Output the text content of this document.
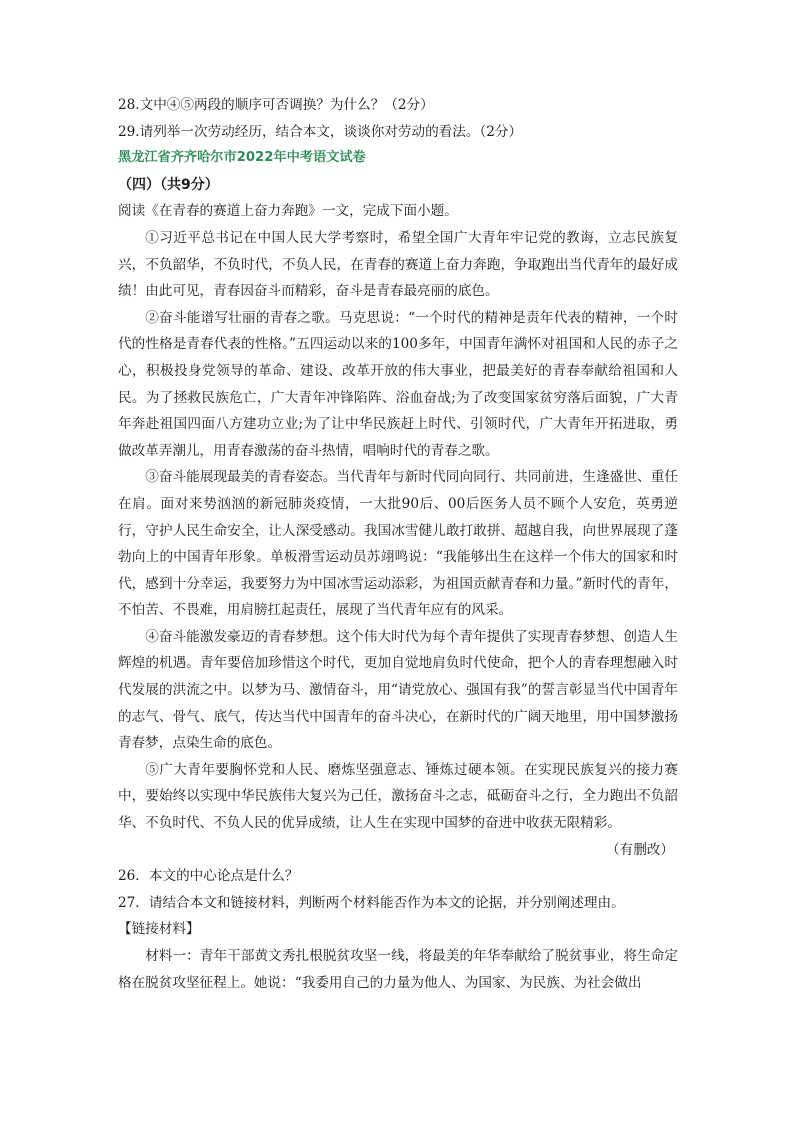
28.文中④⑤两段的顺序可否调换？为什么？（2分）

29.请列举一次劳动经历，结合本文，谈谈你对劳动的看法。（2分）

黑龙江省齐齐哈尔市2022年中考语文试卷

（四）（共9分）

阅读《在青春的赛道上奋力奔跑》一文，完成下面小题。

①习近平总书记在中国人民大学考察时，希望全国广大青年牢记党的教诲，立志民族复兴，不负韶华，不负时代，不负人民，在青春的赛道上奋力奔跑，争取跑出当代青年的最好成绩！由此可见，青春因奋斗而精彩，奋斗是青春最亮丽的底色。

②奋斗能谱写壮丽的青春之歌。马克思说：“一个时代的精神是责年代表的精神，一个时代的性格是青春代表的性格。”五四运动以来的100多年，中国青年满怀对祖国和人民的赤子之心，积极投身党领导的革命、建设、改革开放的伟大事业，把最美好的青春奉献给祖国和人民。为了拯救民族危亡，广大青年冲锋陷阵、浴血奋战;为了改变国家贫穷落后面貌，广大青年奔赴祖国四面八方建功立业;为了让中华民族赶上时代、引领时代，广大青年开拓进取，勇做改革弄潮儿，用青春激荡的奋斗热情，唱响时代的青春之歌。

③奋斗能展现最美的青春姿态。当代青年与新时代同向同行、共同前进，生逢盛世、重任在肩。面对来势汹汹的新冠肺炎疫情，一大批90后、00后医务人员不顾个人安危，英勇逆行，守护人民生命安全，让人深受感动。我国冰雪健儿敢打敢拼、超越自我，向世界展现了蓬勃向上的中国青年形象。单板滑雪运动员苏翊鸣说：“我能够出生在这样一个伟大的国家和时代，感到十分幸运，我要努力为中国冰雪运动添彩，为祖国贡献青春和力量。”新时代的青年，不怕苦、不畏难，用肩膀扛起责任，展现了当代青年应有的风采。

④奋斗能激发豪迈的青春梦想。这个伟大时代为每个青年提供了实现青春梦想、创造人生辉煌的机遇。青年要倍加珍惜这个时代，更加自觉地肩负时代使命，把个人的青春理想融入时代发展的洪流之中。以梦为马、激情奋斗，用“请党放心、强国有我”的誓言彰显当代中国青年的志气、骨气、底气，传达当代中国青年的奋斗决心，在新时代的广阔天地里，用中国梦激扬青春梦，点染生命的底色。

⑤广大青年要胸怀党和人民、磨炼坚强意志、锤炼过硬本领。在实现民族复兴的接力赛中，要始终以实现中华民族伟大复兴为己任，激扬奋斗之志，砥砺奋斗之行，全力跑出不负韶华、不负时代、不负人民的优异成绩，让人生在实现中国梦的奋进中收获无限精彩。

（有删改）

26．本文的中心论点是什么？

27．请结合本文和链接材料，判断两个材料能否作为本文的论据，并分别阐述理由。

【链接材料】

材料一：青年干部黄文秀扎根脱贫攻坚一线，将最美的年华奉献给了脱贫事业，将生命定格在脱贫攻坚征程上。她说：“我委用自己的力量为他人、为国家、为民族、为社会做出
